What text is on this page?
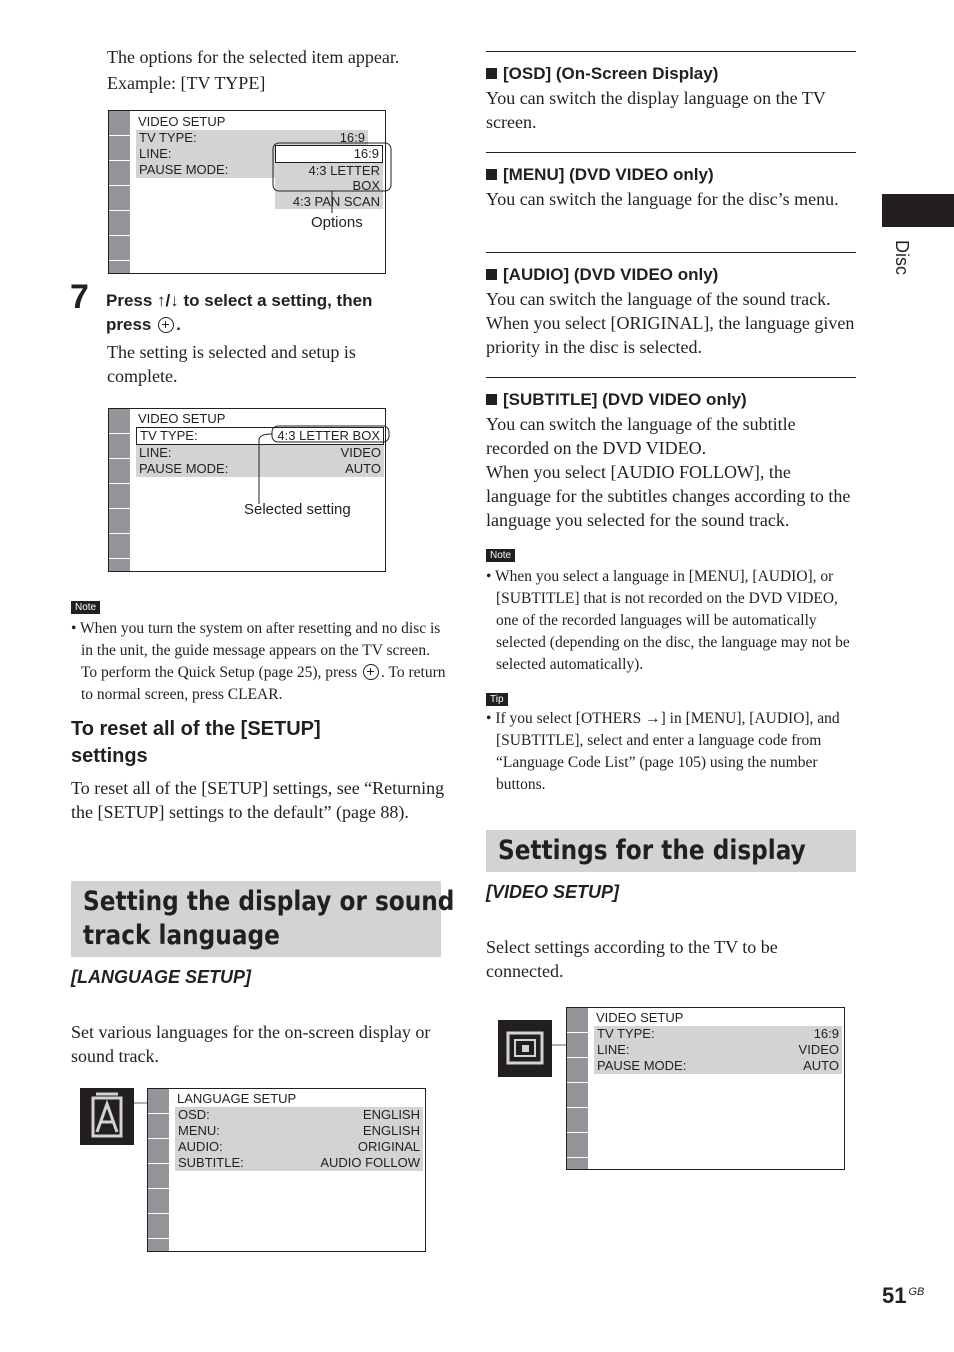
The options for the selected item appear.
Example: [TV TYPE]
VIDEO SETUP
TV TYPE:	16:9
LINE:
PAUSE MODE:
16:9
4:3 LETTER BOX
4:3 PAN SCAN
Options
7 Press ↑/↓ to select a setting, then
press .
The setting is selected and setup is
complete.
VIDEO SETUP
TV TYPE:	4:3 LETTER BOX
LINE:	VIDEO
PAUSE MODE:	AUTO
Selected setting
Note
• When you turn the system on after resetting and no disc is in the unit, the guide message appears on the TV screen. To perform the Quick Setup (page 25), press . To return to normal screen, press CLEAR.
To reset all of the [SETUP]
settings
To reset all of the [SETUP] settings, see “Returning the [SETUP] settings to the default” (page 88).
Setting the display or sound
track language
[LANGUAGE SETUP]
Set various languages for the on-screen display or sound track.
LANGUAGE SETUP
OSD:	ENGLISH
MENU:	ENGLISH
AUDIO:	ORIGINAL
SUBTITLE:	AUDIO FOLLOW
[OSD] (On-Screen Display)
You can switch the display language on the TV screen.
[MENU] (DVD VIDEO only)
You can switch the language for the disc’s menu.
[AUDIO] (DVD VIDEO only)
You can switch the language of the sound track. When you select [ORIGINAL], the language given priority in the disc is selected.
[SUBTITLE] (DVD VIDEO only)
You can switch the language of the subtitle recorded on the DVD VIDEO.
When you select [AUDIO FOLLOW], the language for the subtitles changes according to the language you selected for the sound track.
Note
• When you select a language in [MENU], [AUDIO], or [SUBTITLE] that is not recorded on the DVD VIDEO, one of the recorded languages will be automatically selected (depending on the disc, the language may not be selected automatically).
Tip
• If you select [OTHERS →] in [MENU], [AUDIO], and [SUBTITLE], select and enter a language code from “Language Code List” (page 105) using the number buttons.
Settings for the display
[VIDEO SETUP]
Select settings according to the TV to be connected.
VIDEO SETUP
TV TYPE:	16:9
LINE:	VIDEO
PAUSE MODE:	AUTO
Disc
51 $^{GB}$
